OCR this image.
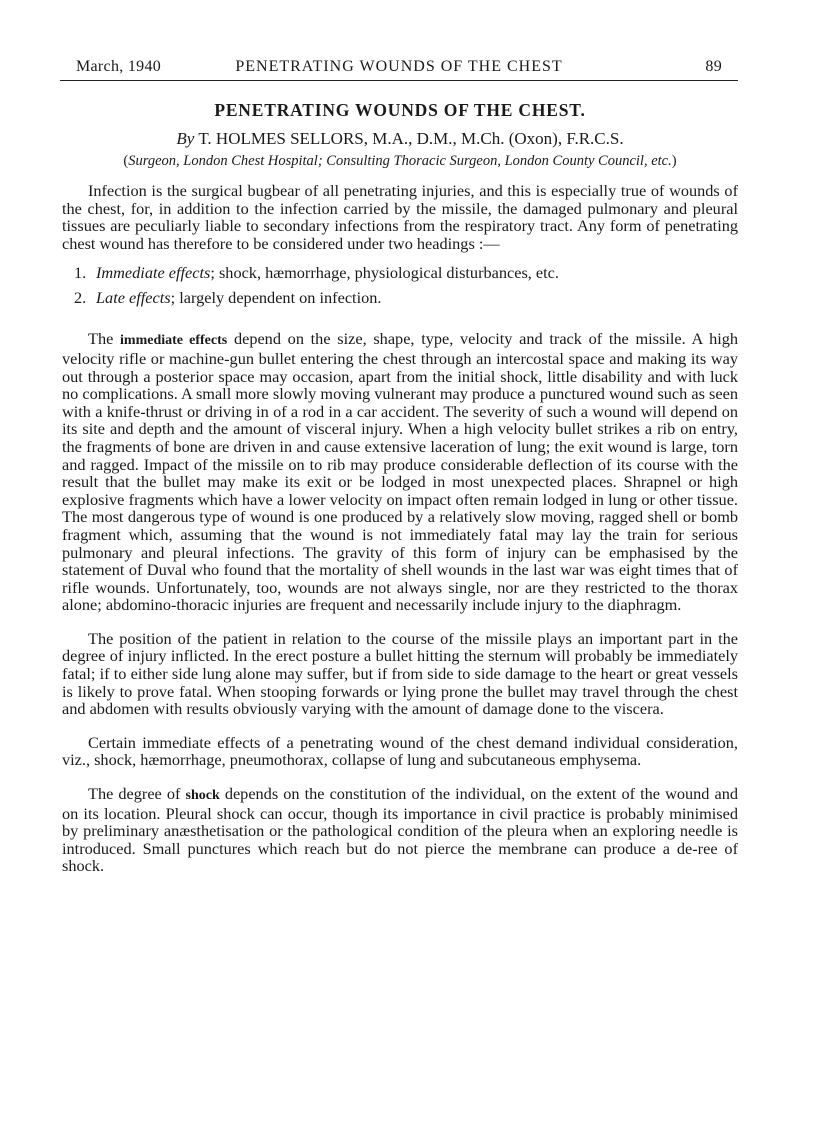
March, 1940	PENETRATING WOUNDS OF THE CHEST	89
PENETRATING WOUNDS OF THE CHEST.
By T. HOLMES SELLORS, M.A., D.M., M.Ch. (Oxon), F.R.C.S.
(Surgeon, London Chest Hospital; Consulting Thoracic Surgeon, London County Council, etc.)

Infection is the surgical bugbear of all penetrating injuries, and this is especially true of wounds of the chest, for, in addition to the infection carried by the missile, the damaged pulmonary and pleural tissues are peculiarly liable to secondary infections from the respiratory tract. Any form of penetrating chest wound has therefore to be considered under two headings :—

1. Immediate effects; shock, hæmorrhage, physiological disturbances, etc.
2. Late effects; largely dependent on infection.

The immediate effects depend on the size, shape, type, velocity and track of the missile. A high velocity rifle or machine-gun bullet entering the chest through an intercostal space and making its way out through a posterior space may occasion, apart from the initial shock, little disability and with luck no complications. A small more slowly moving vulnerant may produce a punctured wound such as seen with a knife-thrust or driving in of a rod in a car accident. The severity of such a wound will depend on its site and depth and the amount of visceral injury. When a high velocity bullet strikes a rib on entry, the fragments of bone are driven in and cause extensive laceration of lung; the exit wound is large, torn and ragged. Impact of the missile on to rib may produce considerable deflection of its course with the result that the bullet may make its exit or be lodged in most unexpected places. Shrapnel or high explosive fragments which have a lower velocity on impact often remain lodged in lung or other tissue. The most dangerous type of wound is one produced by a relatively slow moving, ragged shell or bomb fragment which, assuming that the wound is not immediately fatal may lay the train for serious pulmonary and pleural infections. The gravity of this form of injury can be emphasised by the statement of Duval who found that the mortality of shell wounds in the last war was eight times that of rifle wounds. Unfortunately, too, wounds are not always single, nor are they restricted to the thorax alone; abdomino-thoracic injuries are frequent and necessarily include injury to the diaphragm.

The position of the patient in relation to the course of the missile plays an important part in the degree of injury inflicted. In the erect posture a bullet hitting the sternum will probably be immediately fatal; if to either side lung alone may suffer, but if from side to side damage to the heart or great vessels is likely to prove fatal. When stooping forwards or lying prone the bullet may travel through the chest and abdomen with results obviously varying with the amount of damage done to the viscera.

Certain immediate effects of a penetrating wound of the chest demand individual consideration, viz., shock, hæmorrhage, pneumothorax, collapse of lung and subcutaneous emphysema.

The degree of shock depends on the constitution of the individual, on the extent of the wound and on its location. Pleural shock can occur, though its importance in civil practice is probably minimised by preliminary anæsthetisation or the pathological condition of the pleura when an exploring needle is introduced. Small punctures which reach but do not pierce the membrane can produce a de-ree of shock.
